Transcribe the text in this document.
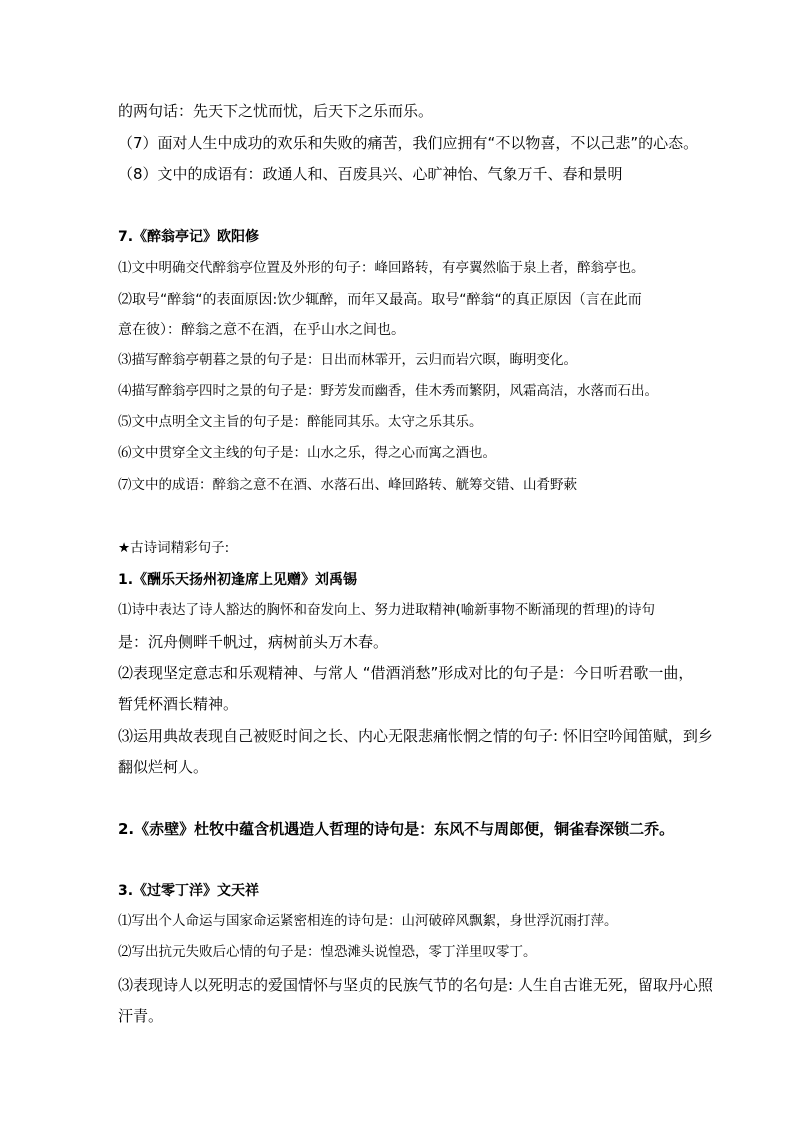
的两句话：先天下之忧而忧，后天下之乐而乐。
（7）面对人生中成功的欢乐和失败的痛苦，我们应拥有“不以物喜，不以己悲”的心态。
（8）文中的成语有：政通人和、百废具兴、心旷神怡、气象万千、春和景明
7.《醉翁亭记》欧阳修
⑴文中明确交代醉翁亭位置及外形的句子：峰回路转，有亭翼然临于泉上者，醉翁亭也。
⑵取号“醉翁“的表面原因:饮少辄醉，而年又最高。取号“醉翁“的真正原因（言在此而
意在彼）：醉翁之意不在酒，在乎山水之间也。
⑶描写醉翁亭朝暮之景的句子是：日出而林霏开，云归而岩穴暝，晦明变化。
⑷描写醉翁亭四时之景的句子是：野芳发而幽香，佳木秀而繁阴，风霜高洁，水落而石出。
⑸文中点明全文主旨的句子是：醉能同其乐。太守之乐其乐。
⑹文中贯穿全文主线的句子是：山水之乐，得之心而寓之酒也。
⑺文中的成语：醉翁之意不在酒、水落石出、峰回路转、觥筹交错、山肴野蔌
★古诗词精彩句子:
1.《酬乐天扬州初逢席上见赠》刘禹锡
⑴诗中表达了诗人豁达的胸怀和奋发向上、努力进取精神(喻新事物不断涌现的哲理)的诗句
是：沉舟侧畔千帆过，病树前头万木春。
⑵表现坚定意志和乐观精神、与常人 “借酒消愁”形成对比的句子是：今日听君歌一曲，
暂凭杯酒长精神。
⑶运用典故表现自己被贬时间之长、内心无限悲痛怅惘之情的句子: 怀旧空吟闻笛赋，到乡
翻似烂柯人。
2.《赤壁》杜牧中蕴含机遇造人哲理的诗句是：东风不与周郎便，铜雀春深锁二乔。
3.《过零丁洋》文天祥
⑴写出个人命运与国家命运紧密相连的诗句是：山河破碎风飘絮，身世浮沉雨打萍。
⑵写出抗元失败后心情的句子是：惶恐滩头说惶恐，零丁洋里叹零丁。
⑶表现诗人以死明志的爱国情怀与坚贞的民族气节的名句是: 人生自古谁无死，留取丹心照
汗青。
